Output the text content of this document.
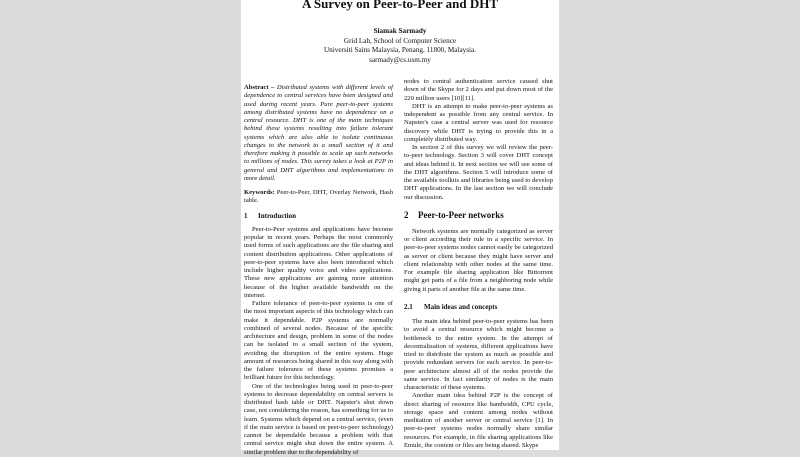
A Survey on Peer-to-Peer and DHT
Siamak Sarmady
Grid Lab, School of Computer Science
Universiti Sains Malaysia, Penang, 11800, Malaysia.
sarmady@cs.usm.my

Abstract – Distributed systems with different levels of dependence to central services have been designed and used during recent years. Pure peer-to-peer systems among distributed systems have no dependence on a central resource. DHT is one of the main techniques behind these systems resulting into failure tolerant systems which are also able to isolate continuous changes to the network to a small section of it and therefore making it possible to scale up such networks to millions of nodes. This survey takes a look at P2P in general and DHT algorithms and implementations in more detail.

Keywords: Peer-to-Peer, DHT, Overlay Network, Hash table.

1 Introduction

Peer-to-Peer systems and applications have become popular in recent years. Perhaps the most commonly used forms of such applications are the file sharing and content distribution applications. Other applications of peer-to-peer systems have also been introduced which include higher quality voice and video applications. These new applications are gaining more attention because of the higher available bandwidth on the internet.

Failure tolerance of peer-to-peer systems is one of the most important aspects of this technology which can make it dependable. P2P systems are normally combined of several nodes. Because of the specific architecture and design, problem in some of the nodes can be isolated to a small section of the system, avoiding the disruption of the entire system. Huge amount of resources being shared in this way along with the failure tolerance of these systems promises a brilliant future for this technology.

One of the technologies being used in peer-to-peer systems to decrease dependability on central servers is distributed hash table or DHT. Napster's shut down case, not considering the reason, has something for us to learn. Systems which depend on a central service, (even if the main service is based on peer-to-peer technology) cannot be dependable because a problem with that central service might shut down the entire system. A similar problem due to the dependability of

nodes to central authentication service caused shut down of the Skype for 2 days and put down most of the 220 million users [10][11].

DHT is an attempt to make peer-to-peer systems as independent as possible from any central service. In Napster's case a central server was used for resource discovery while DHT is trying to provide this in a completely distributed way.

In section 2 of this survey we will review the peer-to-peer technology. Section 3 will cover DHT concept and ideas behind it. In next section we will see some of the DHT algorithms. Section 5 will introduce some of the available toolkits and libraries being used to develop DHT applications. In the last section we will conclude our discussion.

2 Peer-to-Peer networks

Network systems are normally categorized as server or client according their rule in a specific service. In peer-to-peer systems nodes cannot easily be categorized as server or client because they might have server and client relationship with other nodes at the same time. For example file sharing application like Bittorrent might get parts of a file from a neighboring node while giving it parts of another file at the same time.

2.1 Main ideas and concepts

The main idea behind peer-to-peer systems has been to avoid a central resource which might become a bottleneck to the entire system. In the attempt of decentralization of systems, different applications have tried to distribute the system as much as possible and provide redundant servers for each service. In peer-to-peer architecture almost all of the nodes provide the same service. In fact similarity of nodes is the main characteristic of these systems.

Another main idea behind P2P is the concept of direct sharing of resource like bandwidth, CPU cycle, storage space and content among nodes without meditation of another server or central service [1]. In peer-to-peer systems nodes normally share similar resources. For example, in file sharing applications like Emule, the content or files are being shared. Skype
